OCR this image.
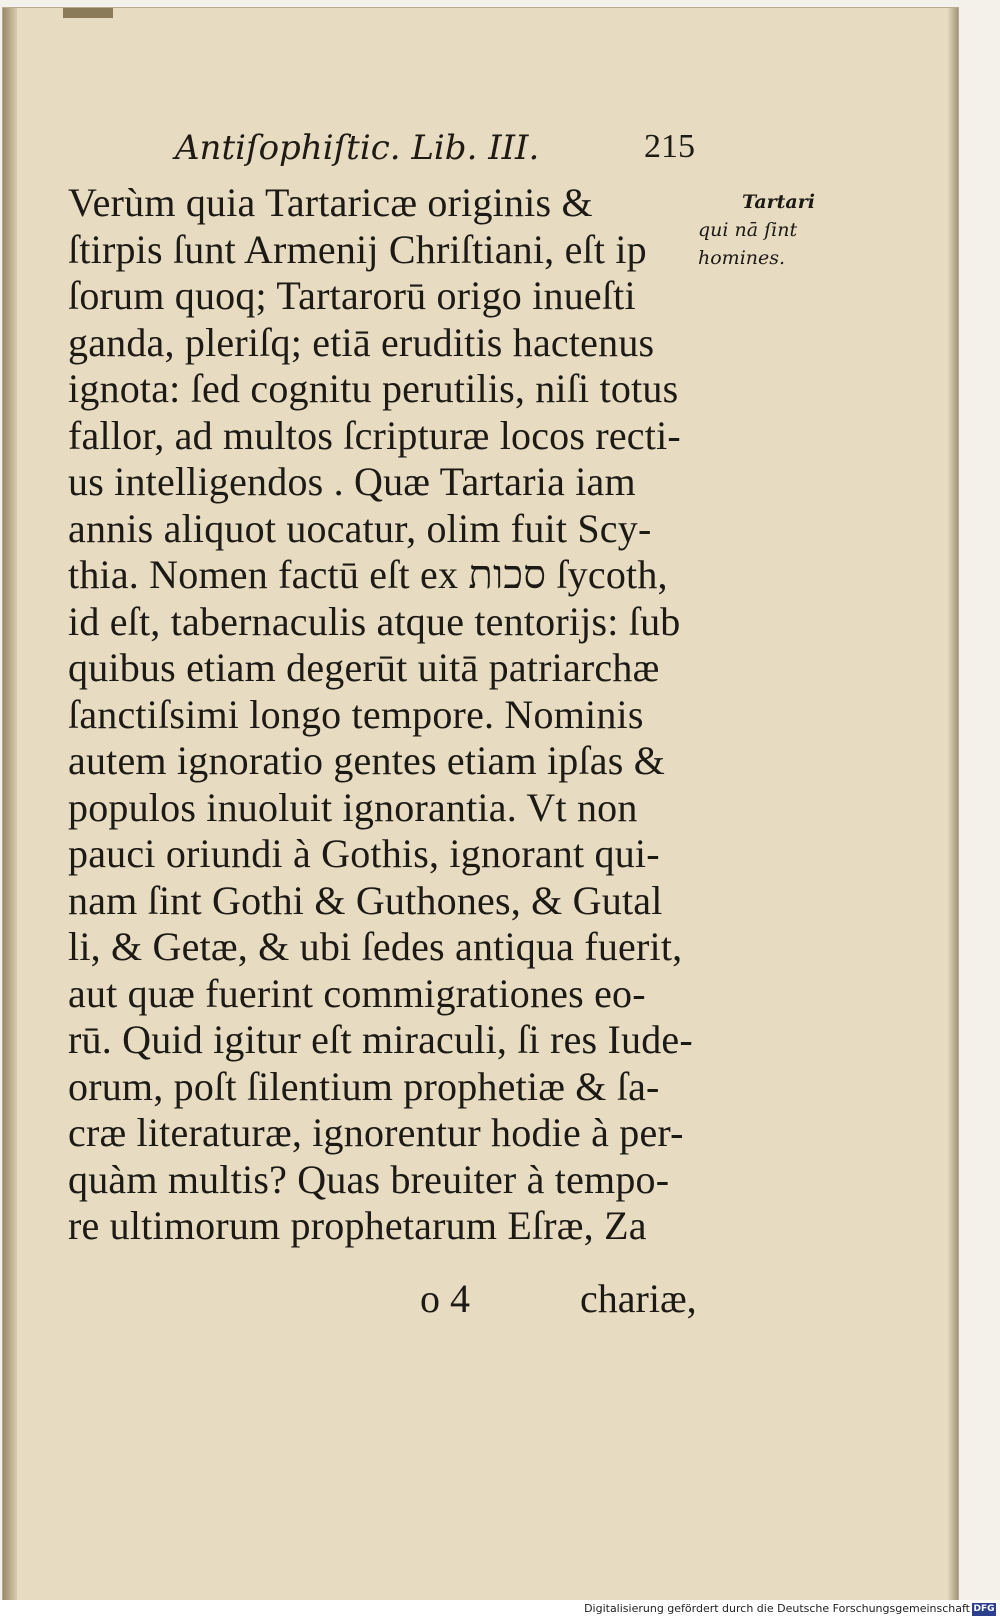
Antiſophiſtic. Lib. III.	215
Tartari
qui nā ſint
homines.
Verùm quia Tartaricæ originis &
ſtirpis ſunt Armenij Chriſtiani, eſt ip
ſorum quoq; Tartarorū origo inueſti
ganda, pleriſq; etiā eruditis hactenus
ignota: ſed cognitu perutilis, niſi totus
fallor, ad multos ſcripturæ locos recti-
us intelligendos . Quæ Tartaria iam
annis aliquot uocatur, olim fuit Scy-
thia. Nomen factū eſt ex סכות ſycoth,
id eſt, tabernaculis atque tentorijs: ſub
quibus etiam degerūt uitā patriarchæ
ſanctiſsimi longo tempore. Nominis
autem ignoratio gentes etiam ipſas &
populos inuoluit ignorantia. Vt non
pauci oriundi à Gothis, ignorant qui-
nam ſint Gothi & Guthones, & Gutal
li, & Getæ, & ubi ſedes antiqua fuerit,
aut quæ fuerint commigrationes eo-
rū. Quid igitur eſt miraculi, ſi res Iude-
orum, poſt ſilentium prophetiæ & ſa-
cræ literaturæ, ignorentur hodie à per-
quàm multis? Quas breuiter à tempo-
re ultimorum prophetarum Eſræ, Za
o 4	chariæ,
Digitalisierung gefördert durch die Deutsche Forschungsgemeinschaft DFG
